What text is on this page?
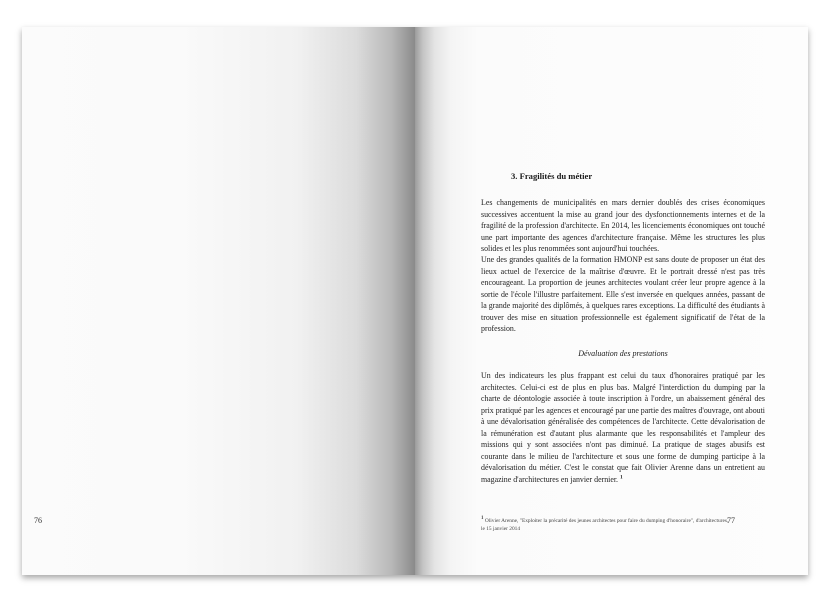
76	77
3. Fragilités du métier

Les changements de municipalités en mars dernier doublés des crises économiques successives accentuent la mise au grand jour des dysfonctionnements internes et de la fragilité de la profession d'architecte. En 2014, les licenciements économiques ont touché une part importante des agences d'architecture française. Même les structures les plus solides et les plus renommées sont aujourd'hui touchées.

Une des grandes qualités de la formation HMONP est sans doute de proposer un état des lieux actuel de l'exercice de la maîtrise d'œuvre. Et le portrait dressé n'est pas très encourageant. La proportion de jeunes architectes voulant créer leur propre agence à la sortie de l'école l'illustre parfaitement. Elle s'est inversée en quelques années, passant de la grande majorité des diplômés, à quelques rares exceptions. La difficulté des étudiants à trouver des mise en situation professionnelle est également significatif de l'état de la profession.

Dévaluation des prestations

Un des indicateurs les plus frappant est celui du taux d'honoraires pratiqué par les architectes. Celui-ci est de plus en plus bas. Malgré l'interdiction du dumping par la charte de déontologie associée à toute inscription à l'ordre, un abaissement général des prix pratiqué par les agences et encouragé par une partie des maîtres d'ouvrage, ont abouti à une dévalorisation généralisée des compétences de l'architecte. Cette dévalorisation de la rémunération est d'autant plus alarmante que les responsabilités et l'ampleur des missions qui y sont associées n'ont pas diminué. La pratique de stages abusifs est courante dans le milieu de l'architecture et sous une forme de dumping participe à la dévalorisation du métier. C'est le constat que fait Olivier Arenne dans un entretient au magazine d'architectures en janvier dernier. $^1$

1 Olivier Arenne, "Exploiter la précarité des jeunes architectes pour faire du dumping d'honoraire", d'architectures, le 15 janvier 2014
